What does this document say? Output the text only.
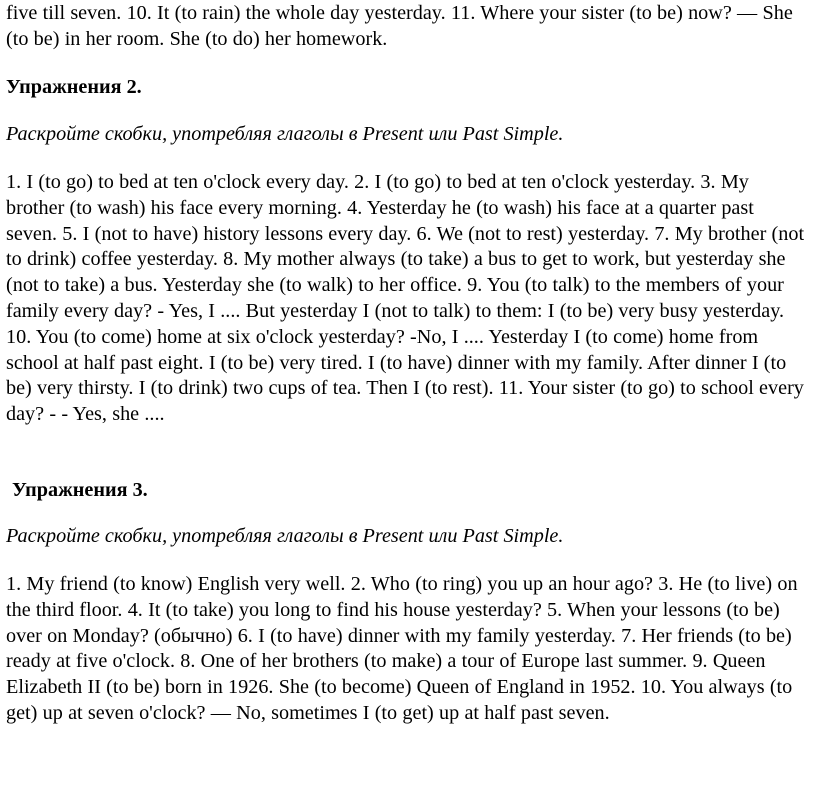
five till seven. 10. It (to rain) the whole day yesterday. 11. Where your sister (to be) now? — She (to be) in her room. She (to do) her homework.

Упражнения 2.

Раскройте скобки, употребляя глаголы в Present или Past Simple.

1. I (to go) to bed at ten o'clock every day. 2. I (to go) to bed at ten o'clock yesterday. 3. My brother (to wash) his face every morning. 4. Yesterday he (to wash) his face at a quarter past seven. 5. I (not to have) history lessons every day. 6. We (not to rest) yesterday. 7. My brother (not to drink) coffee yesterday. 8. My mother always (to take) a bus to get to work, but yesterday she (not to take) a bus. Yesterday she (to walk) to her office. 9. You (to talk) to the members of your family every day? - Yes, I .... But yesterday I (not to talk) to them: I (to be) very busy yesterday. 10. You (to come) home at six o'clock yesterday? -No, I .... Yesterday I (to come) home from school at half past eight. I (to be) very tired. I (to have) dinner with my family. After dinner I (to be) very thirsty. I (to drink) two cups of tea. Then I (to rest). 11. Your sister (to go) to school every day? - - Yes, she ....

Упражнения 3.

Раскройте скобки, употребляя глаголы в Present или Past Simple.

1. My friend (to know) English very well. 2. Who (to ring) you up an hour ago? 3. He (to live) on the third floor. 4. It (to take) you long to find his house yesterday? 5. When your lessons (to be) over on Monday? (обычно) 6. I (to have) dinner with my family yesterday. 7. Her friends (to be) ready at five o'clock. 8. One of her brothers (to make) a tour of Europe last summer. 9. Queen Elizabeth II (to be) born in 1926. She (to become) Queen of England in 1952. 10. You always (to get) up at seven o'clock? — No, sometimes I (to get) up at half past seven.
